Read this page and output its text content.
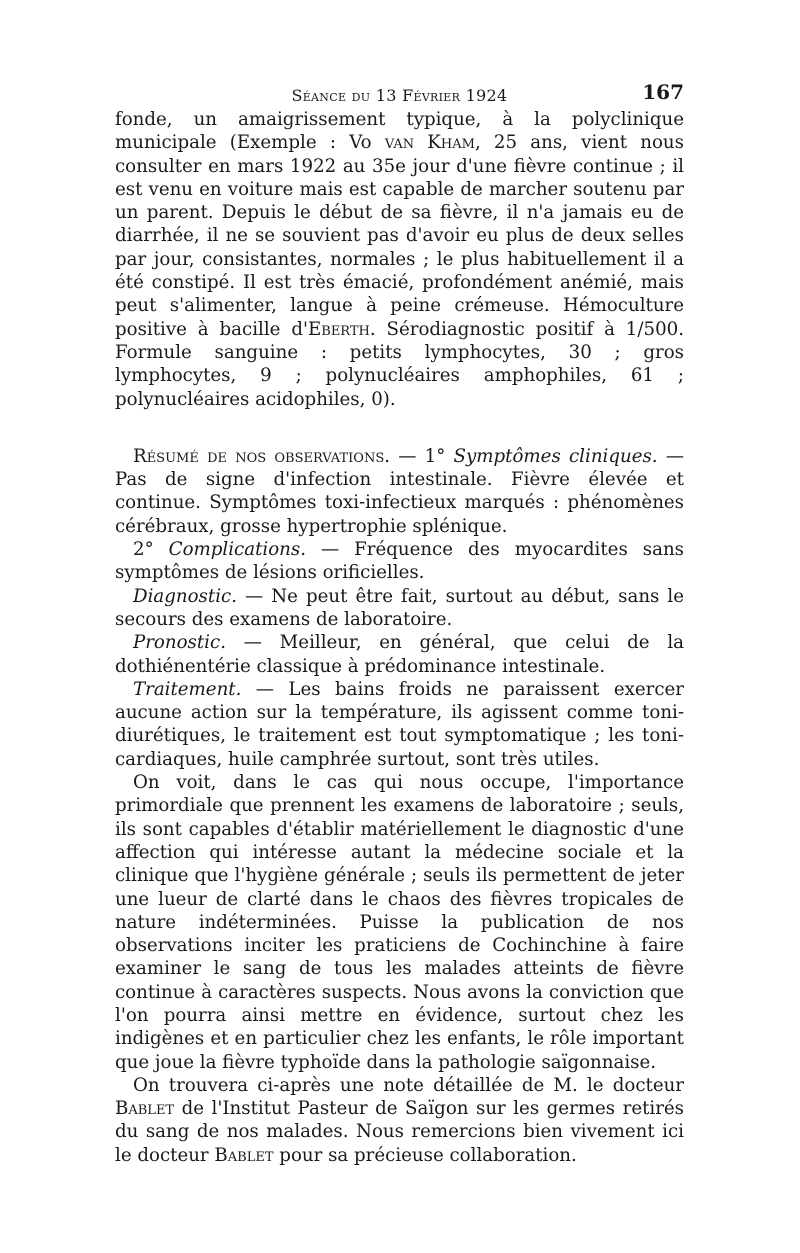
Séance du 13 Février 1924	167

fonde, un amaigrissement typique, à la polyclinique municipale (Exemple : Vo van Kham, 25 ans, vient nous consulter en mars 1922 au 35e jour d'une fièvre continue ; il est venu en voiture mais est capable de marcher soutenu par un parent. Depuis le début de sa fièvre, il n'a jamais eu de diarrhée, il ne se souvient pas d'avoir eu plus de deux selles par jour, consistantes, normales ; le plus habituellement il a été constipé. Il est très émacié, profondément anémié, mais peut s'alimenter, langue à peine crémeuse. Hémoculture positive à bacille d'Eberth. Sérodiagnostic positif à 1/500. Formule sanguine : petits lymphocytes, 30 ; gros lymphocytes, 9 ; polynucléaires amphophiles, 61 ; polynucléaires acidophiles, 0).

Résumé de nos observations. — 1° Symptômes cliniques. — Pas de signe d'infection intestinale. Fièvre élevée et continue. Symptômes toxi-infectieux marqués : phénomènes cérébraux, grosse hypertrophie splénique.

2° Complications. — Fréquence des myocardites sans symptômes de lésions orificielles.

Diagnostic. — Ne peut être fait, surtout au début, sans le secours des examens de laboratoire.

Pronostic. — Meilleur, en général, que celui de la dothiénentérie classique à prédominance intestinale.

Traitement. — Les bains froids ne paraissent exercer aucune action sur la température, ils agissent comme toni-diurétiques, le traitement est tout symptomatique ; les toni-cardiaques, huile camphrée surtout, sont très utiles.

On voit, dans le cas qui nous occupe, l'importance primordiale que prennent les examens de laboratoire ; seuls, ils sont capables d'établir matériellement le diagnostic d'une affection qui intéresse autant la médecine sociale et la clinique que l'hygiène générale ; seuls ils permettent de jeter une lueur de clarté dans le chaos des fièvres tropicales de nature indéterminées. Puisse la publication de nos observations inciter les praticiens de Cochinchine à faire examiner le sang de tous les malades atteints de fièvre continue à caractères suspects. Nous avons la conviction que l'on pourra ainsi mettre en évidence, surtout chez les indigènes et en particulier chez les enfants, le rôle important que joue la fièvre typhoïde dans la pathologie saïgonnaise.

On trouvera ci-après une note détaillée de M. le docteur Bablet de l'Institut Pasteur de Saïgon sur les germes retirés du sang de nos malades. Nous remercions bien vivement ici le docteur Bablet pour sa précieuse collaboration.
